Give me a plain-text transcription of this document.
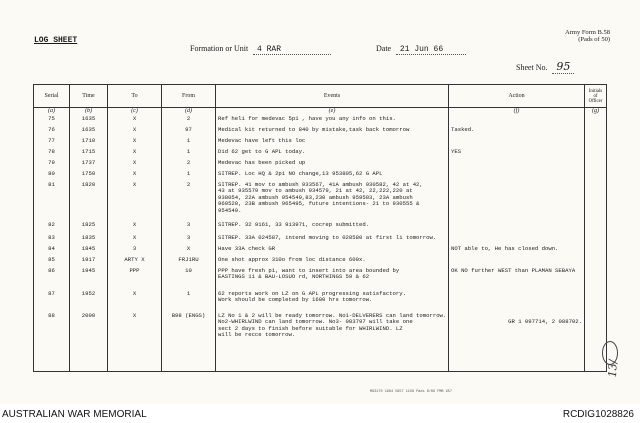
LOG SHEET
Army Form B.58
(Pads of 50)
Formation or Unit 4 RAR	Date 21 Jun 66
Sheet No. 95
Serial	Time	To	From	Events	Action	Initials of Officer
(a)	(b)	(c)	(d)	(e)	(f)	(g)
75	1635	X	2	Ref heli for medevac 5p1 , have you any info on this.		

76	1635	X	97	Medical kit returned to 840 by mistake,task back tomorrow	Tasked.	

77	1710	X	1	Medevac have left this loc		

78	1715	X	1	Did 62 get to G APL today.	YES	

79	1737	X	2	Medevac has been picked up		

80	1750	X	1	SITREP. Loc HQ & 2p1 NO change,13 953805,62 G APL		

81	1820	X	2	SITREP. 41 mov to ambush 933567, 41A ambush 930582, 42 at 42,
43 at 935579 mov to ambush 934579, 21 at 42, 22,222,220 at
938054, 22A ambush 954549,83,230 ambush 959503, 23A ambush
960520, 23B ambush 965495, future intentions- 21 to 930555 &
954549.		

82	1825	X	3	SITREP. 32 9161, 33 913971, cocrep submitted.		

83	1835	X	3	SITREP. 33A 024587, intend moving to 028580 at first li tomorrow.		

84	1845	3	X	Have 33A check GR	NOT able to, He has closed down.	

85	1917	ARTY X	FRJ1RU	One shot approx 310o from loc distance 600x.		

86	1945	PPP	10	PPP have fresh p1, want to insert into area bounded by
EASTINGS 11 & BAU-LOSUO rd, NORTHINGS 59 & 62	OK NO further WEST than PLAMAN SEBAYA	

87	1952	X	1	62 reports work on LZ on G APL progressing satisfactory.
Work should be completed by 1600 hrs tomorrow.		

88	2000	X	B98 (ENGS)	LZ No 1 & 2 will be ready tomorrow. No1-DELVERERS can land tomorrow.
No2-WHIRLWIND can land tomorrow. No3- 083797 will take one
sect 2 days to finish before suitable for WHIRLWIND. LZ
will be recce tomorrow.	GR 1 097714, 2 088702.	

M93170 1964 5957 1158 Pads 6/66 FMB 957
13/
AUSTRALIAN WAR MEMORIAL	RCDIG1028826
